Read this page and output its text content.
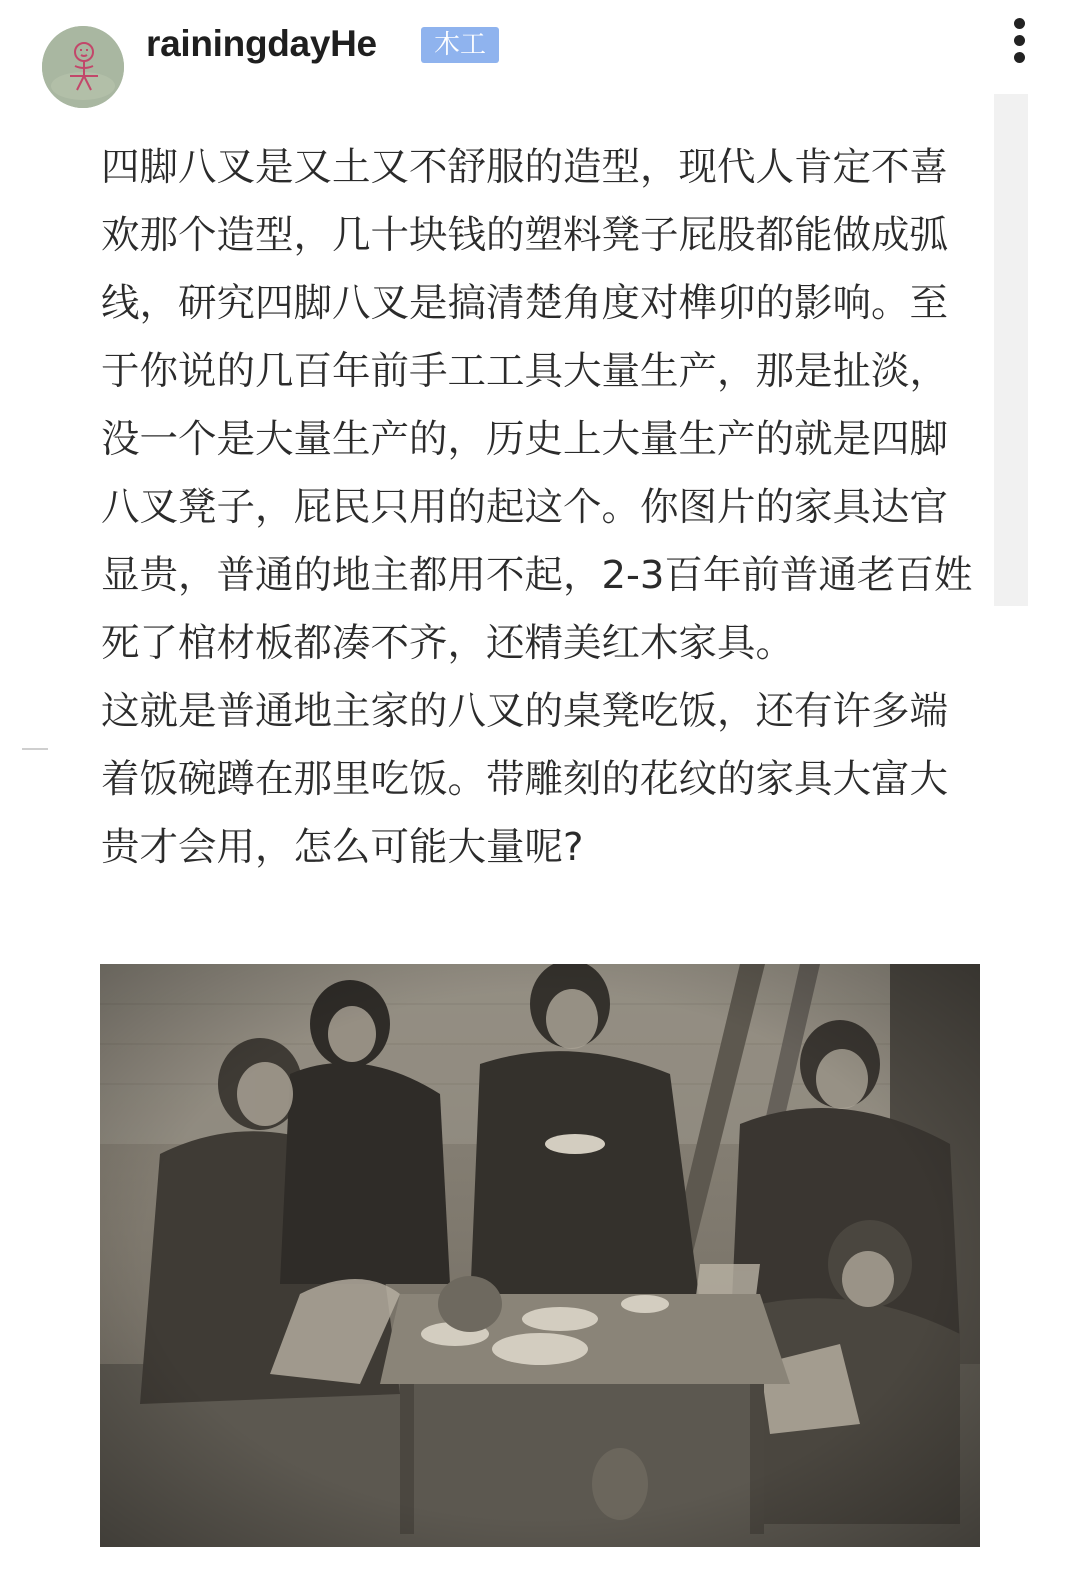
rainingdayHe	木工
四脚八叉是又土又不舒服的造型，现代人肯定不喜欢那个造型，几十块钱的塑料凳子屁股都能做成弧线，研究四脚八叉是搞清楚角度对榫卯的影响。至于你说的几百年前手工工具大量生产，那是扯淡，没一个是大量生产的，历史上大量生产的就是四脚八叉凳子，屁民只用的起这个。你图片的家具达官显贵，普通的地主都用不起，2-3百年前普通老百姓死了棺材板都凑不齐，还精美红木家具。
这就是普通地主家的八叉的桌凳吃饭，还有许多端着饭碗蹲在那里吃饭。带雕刻的花纹的家具大富大贵才会用，怎么可能大量呢?
